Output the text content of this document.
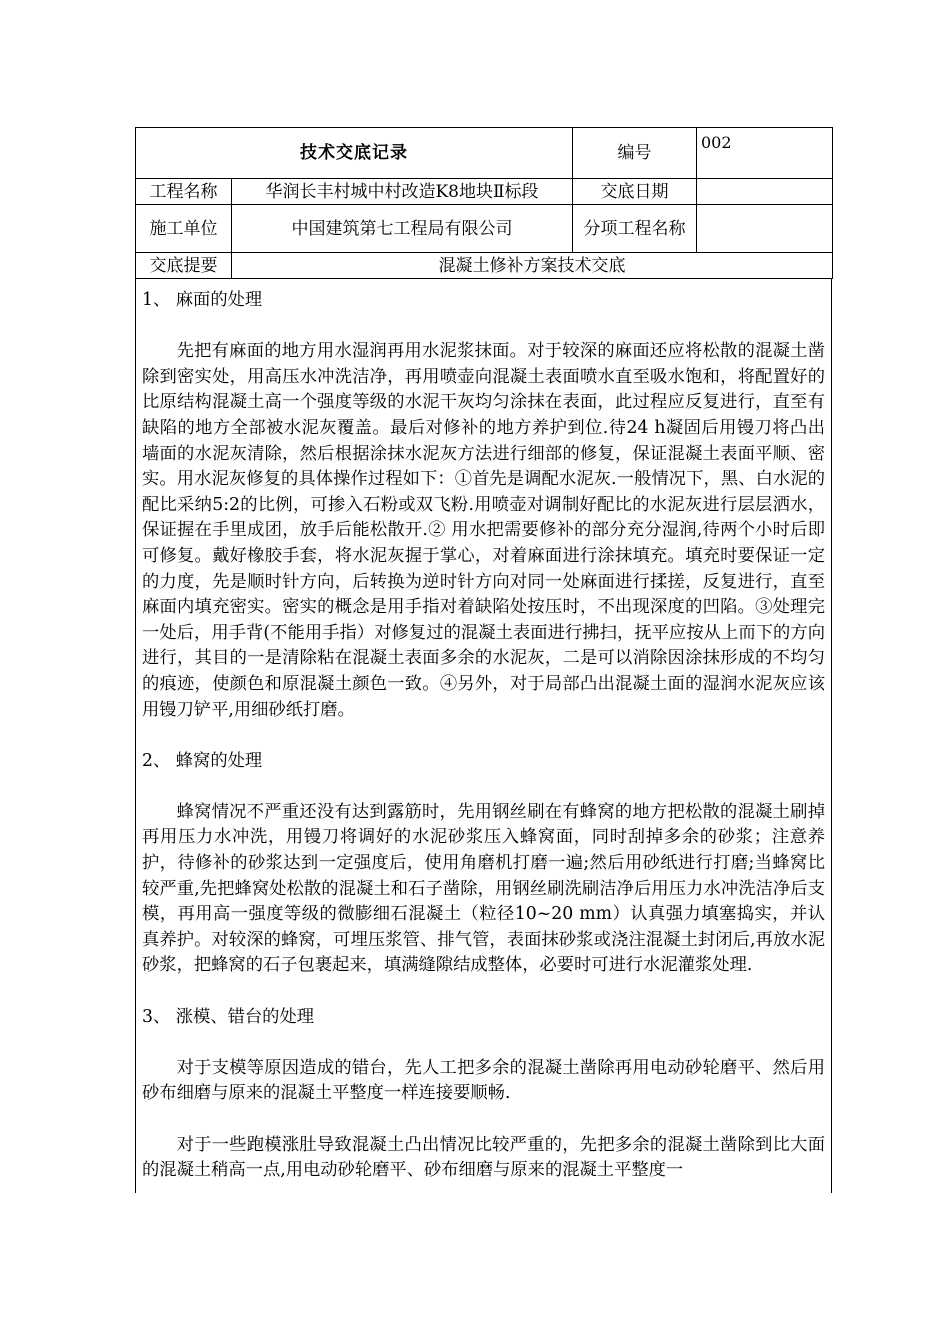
技术交底记录		编号	002
工程名称	华润长丰村城中村改造K8地块Ⅱ标段	交底日期	
施工单位	中国建筑第七工程局有限公司	分项工程名称	
交底提要	混凝土修补方案技术交底		

1、 麻面的处理

先把有麻面的地方用水湿润再用水泥浆抹面。对于较深的麻面还应将松散的混凝土凿除到密实处，用高压水冲洗洁净，再用喷壶向混凝土表面喷水直至吸水饱和，将配置好的比原结构混凝土高一个强度等级的水泥干灰均匀涂抹在表面，此过程应反复进行，直至有缺陷的地方全部被水泥灰覆盖。最后对修补的地方养护到位.待24 h凝固后用镘刀将凸出墙面的水泥灰清除，然后根据涂抹水泥灰方法进行细部的修复，保证混凝土表面平顺、密实。用水泥灰修复的具体操作过程如下：①首先是调配水泥灰.一般情况下，黑、白水泥的配比采纳5:2的比例，可掺入石粉或双飞粉.用喷壶对调制好配比的水泥灰进行层层洒水，保证握在手里成团，放手后能松散开.② 用水把需要修补的部分充分湿润,待两个小时后即可修复。戴好橡胶手套，将水泥灰握于掌心，对着麻面进行涂抹填充。填充时要保证一定的力度，先是顺时针方向，后转换为逆时针方向对同一处麻面进行揉搓，反复进行，直至麻面内填充密实。密实的概念是用手指对着缺陷处按压时，不出现深度的凹陷。③处理完一处后，用手背(不能用手指）对修复过的混凝土表面进行拂扫，抚平应按从上而下的方向进行，其目的一是清除粘在混凝土表面多余的水泥灰，二是可以消除因涂抹形成的不均匀的痕迹，使颜色和原混凝土颜色一致。④另外，对于局部凸出混凝土面的湿润水泥灰应该用镘刀铲平,用细砂纸打磨。

2、 蜂窝的处理

蜂窝情况不严重还没有达到露筋时，先用钢丝刷在有蜂窝的地方把松散的混凝土刷掉再用压力水冲洗，用镘刀将调好的水泥砂浆压入蜂窝面，同时刮掉多余的砂浆；注意养护，待修补的砂浆达到一定强度后，使用角磨机打磨一遍;然后用砂纸进行打磨;当蜂窝比较严重,先把蜂窝处松散的混凝土和石子凿除，用钢丝刷洗刷洁净后用压力水冲洗洁净后支模，再用高一强度等级的微膨细石混凝土（粒径10~20 mm）认真强力填塞捣实，并认真养护。对较深的蜂窝，可埋压浆管、排气管，表面抹砂浆或浇注混凝土封闭后,再放水泥砂浆，把蜂窝的石子包裹起来，填满缝隙结成整体，必要时可进行水泥灌浆处理.

3、 涨模、错台的处理

对于支模等原因造成的错台，先人工把多余的混凝土凿除再用电动砂轮磨平、然后用砂布细磨与原来的混凝土平整度一样连接要顺畅.

对于一些跑模涨肚导致混凝土凸出情况比较严重的，先把多余的混凝土凿除到比大面的混凝土稍高一点,用电动砂轮磨平、砂布细磨与原来的混凝土平整度一
